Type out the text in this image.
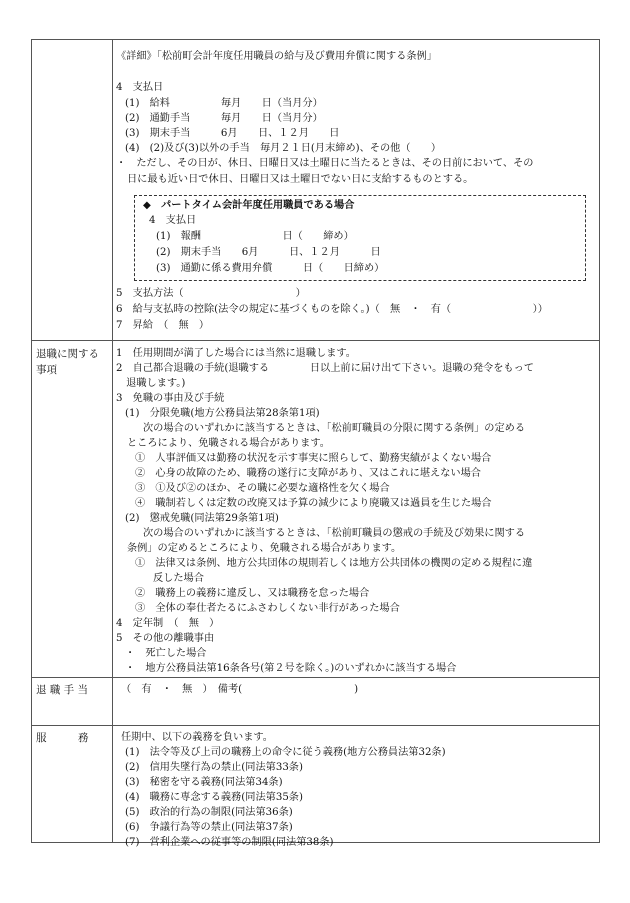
《詳細》「松前町会計年度任用職員の給与及び費用弁償に関する条例」
4　支払日
(1)　給料　　　　　毎月　　日（当月分）
(2)　通勤手当　　　毎月　　日（当月分）
(3)　期末手当　　　6月　　日、１２月　　日
(4)　(2)及び(3)以外の手当　毎月２１日(月末締め)、その他（　　）
・　ただし、その日が、休日、日曜日又は土曜日に当たるときは、その日前において、その
日に最も近い日で休日、日曜日又は土曜日でない日に支給するものとする。
◆　パートタイム会計年度任用職員である場合
4　支払日
(1)　報酬　　　　　　　　日（　　締め）
(2)　期末手当　　6月　　　日、１２月　　　日
(3)　通勤に係る費用弁償　　　日（　　日締め）
5　支払方法（　　　　　　　　　　　）
6　給与支払時の控除(法令の規定に基づくものを除く。)（　無　・　有（　　　　　　　　））
7　昇給　（　無　）
退職に関する
事項
1　任用期間が満了した場合には当然に退職します。
2　自己都合退職の手続(退職する　　　　日以上前に届け出て下さい。退職の発令をもって
　退職します。)
3　免職の事由及び手続
(1)　分限免職(地方公務員法第28条第1項)
次の場合のいずれかに該当するときは、「松前町職員の分限に関する条例」の定める
ところにより、免職される場合があります。
①　人事評価又は勤務の状況を示す事実に照らして、勤務実績がよくない場合
②　心身の故障のため、職務の遂行に支障があり、又はこれに堪えない場合
③　①及び②のほか、その職に必要な適格性を欠く場合
④　職制若しくは定数の改廃又は予算の減少により廃職又は過員を生じた場合
(2)　懲戒免職(同法第29条第1項)
次の場合のいずれかに該当するときは、「松前町職員の懲戒の手続及び効果に関する
条例」の定めるところにより、免職される場合があります。
①　法律又は条例、地方公共団体の規則若しくは地方公共団体の機関の定める規程に違
反した場合
②　職務上の義務に違反し、又は職務を怠った場合
③　全体の奉仕者たるにふさわしくない非行があった場合
4　定年制　（　無　）
5　その他の離職事由
・　死亡した場合
・　地方公務員法第16条各号(第２号を除く。)のいずれかに該当する場合
退 職 手 当	（　有　・　無　）　備考(　　　　　　　　　　　)
服　　　務	任期中、以下の義務を負います。
(1)　法令等及び上司の職務上の命令に従う義務(地方公務員法第32条)
(2)　信用失墜行為の禁止(同法第33条)
(3)　秘密を守る義務(同法第34条)
(4)　職務に専念する義務(同法第35条)
(5)　政治的行為の制限(同法第36条)
(6)　争議行為等の禁止(同法第37条)
(7)　営利企業への従事等の制限(同法第38条)
